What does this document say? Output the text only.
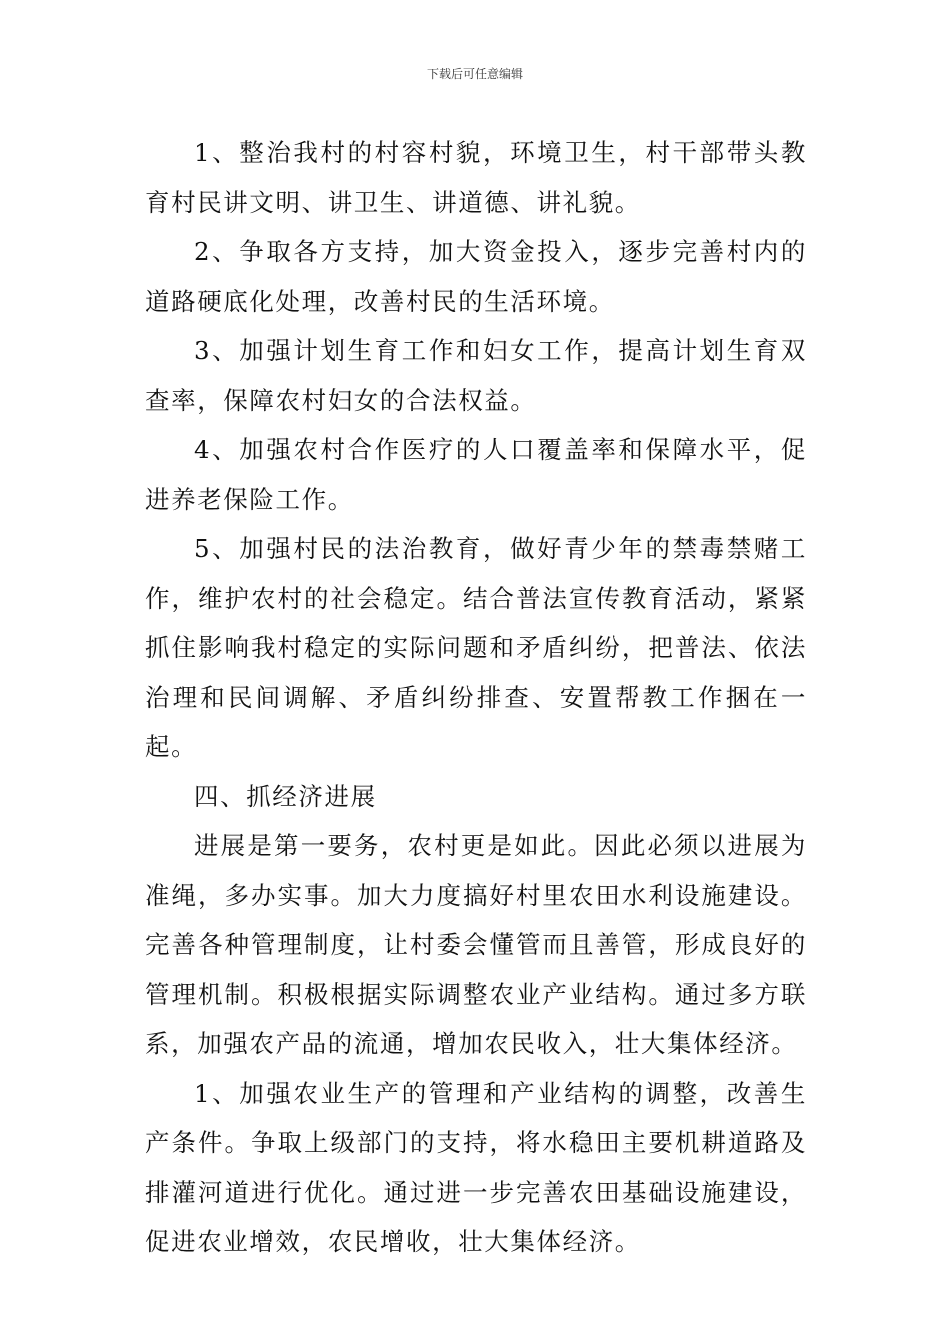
下载后可任意编辑

1、整治我村的村容村貌，环境卫生，村干部带头教育村民讲文明、讲卫生、讲道德、讲礼貌。

2、争取各方支持，加大资金投入，逐步完善村内的道路硬底化处理，改善村民的生活环境。

3、加强计划生育工作和妇女工作，提高计划生育双查率，保障农村妇女的合法权益。

4、加强农村合作医疗的人口覆盖率和保障水平，促进养老保险工作。

5、加强村民的法治教育，做好青少年的禁毒禁赌工作，维护农村的社会稳定。结合普法宣传教育活动，紧紧抓住影响我村稳定的实际问题和矛盾纠纷，把普法、依法治理和民间调解、矛盾纠纷排查、安置帮教工作捆在一起。

四、抓经济进展

进展是第一要务，农村更是如此。因此必须以进展为准绳，多办实事。加大力度搞好村里农田水利设施建设。完善各种管理制度，让村委会懂管而且善管，形成良好的管理机制。积极根据实际调整农业产业结构。通过多方联系，加强农产品的流通，增加农民收入，壮大集体经济。

1、加强农业生产的管理和产业结构的调整，改善生产条件。争取上级部门的支持，将水稳田主要机耕道路及排灌河道进行优化。通过进一步完善农田基础设施建设，促进农业增效，农民增收，壮大集体经济。
